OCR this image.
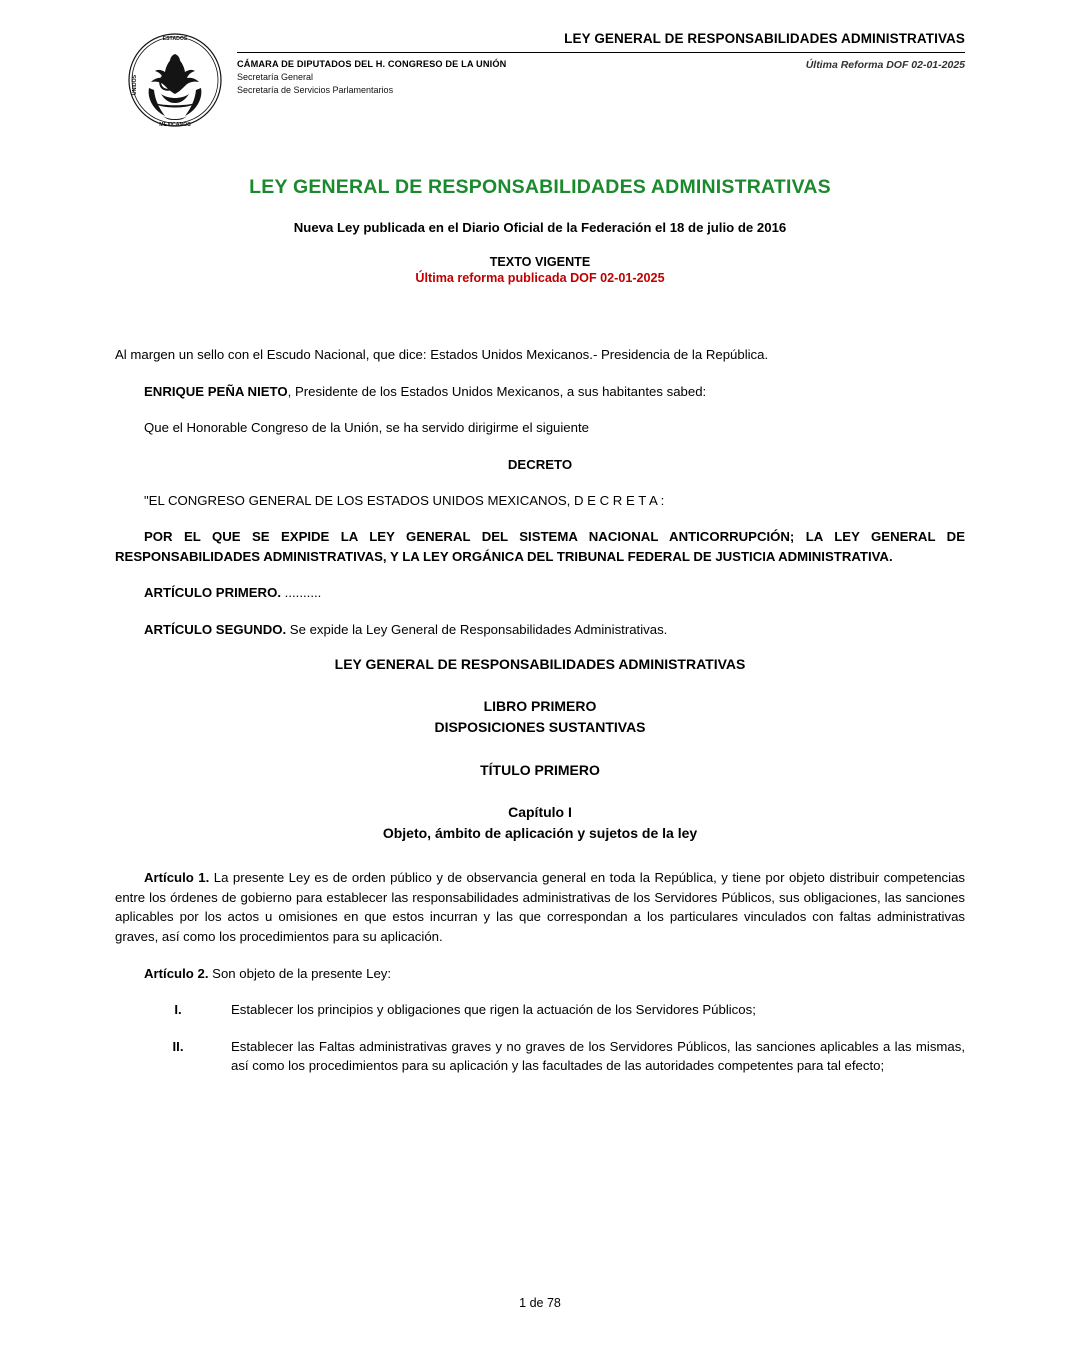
ESTADOS
MEXICANOS
UNIDOS
LEY GENERAL DE RESPONSABILIDADES ADMINISTRATIVAS
CÁMARA DE DIPUTADOS DEL H. CONGRESO DE LA UNIÓN
Secretaría General
Secretaría de Servicios Parlamentarios
Última Reforma DOF 02-01-2025
LEY GENERAL DE RESPONSABILIDADES ADMINISTRATIVAS
Nueva Ley publicada en el Diario Oficial de la Federación el 18 de julio de 2016
TEXTO VIGENTE
Última reforma publicada DOF 02-01-2025

Al margen un sello con el Escudo Nacional, que dice: Estados Unidos Mexicanos.- Presidencia de la República.

ENRIQUE PEÑA NIETO, Presidente de los Estados Unidos Mexicanos, a sus habitantes sabed:

Que el Honorable Congreso de la Unión, se ha servido dirigirme el siguiente

DECRETO

"EL CONGRESO GENERAL DE LOS ESTADOS UNIDOS MEXICANOS, D E C R E T A :

POR EL QUE SE EXPIDE LA LEY GENERAL DEL SISTEMA NACIONAL ANTICORRUPCIÓN; LA LEY GENERAL DE RESPONSABILIDADES ADMINISTRATIVAS, Y LA LEY ORGÁNICA DEL TRIBUNAL FEDERAL DE JUSTICIA ADMINISTRATIVA.

ARTÍCULO PRIMERO. ..........

ARTÍCULO SEGUNDO. Se expide la Ley General de Responsabilidades Administrativas.

LEY GENERAL DE RESPONSABILIDADES ADMINISTRATIVAS
LIBRO PRIMERO
DISPOSICIONES SUSTANTIVAS
TÍTULO PRIMERO
Capítulo I
Objeto, ámbito de aplicación y sujetos de la ley

Artículo 1. La presente Ley es de orden público y de observancia general en toda la República, y tiene por objeto distribuir competencias entre los órdenes de gobierno para establecer las responsabilidades administrativas de los Servidores Públicos, sus obligaciones, las sanciones aplicables por los actos u omisiones en que estos incurran y las que correspondan a los particulares vinculados con faltas administrativas graves, así como los procedimientos para su aplicación.

Artículo 2. Son objeto de la presente Ley:

I.	Establecer los principios y obligaciones que rigen la actuación de los Servidores Públicos;
II.	Establecer las Faltas administrativas graves y no graves de los Servidores Públicos, las sanciones aplicables a las mismas, así como los procedimientos para su aplicación y las facultades de las autoridades competentes para tal efecto;
1 de 78
